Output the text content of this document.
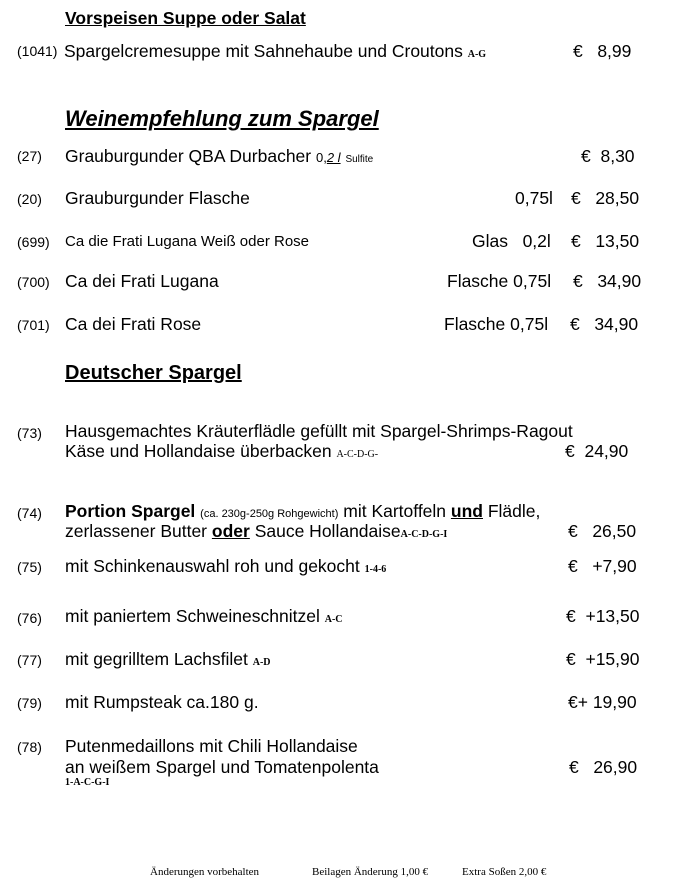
Vorspeisen Suppe oder Salat
(1041) Spargelcremesuppe mit Sahnehaube und Croutons A-G	€ 8,99
Weinempfehlung zum Spargel
(27) Grauburgunder QBA Durbacher 0,2 l Sulfite	€ 8,30
(20) Grauburgunder Flasche	0,75l € 28,50
(699) Ca die Frati Lugana Weiß oder Rose	Glas   0,2l € 13,50
(700) Ca dei Frati Lugana	Flasche 0,75l € 34,90
(701) Ca dei Frati Rose	Flasche 0,75l € 34,90
Deutscher Spargel
(73) Hausgemachtes Kräuterflädle gefüllt mit Spargel-Shrimps-Ragout
Käse und Hollandaise überbacken A-C-D-G-	€ 24,90
(74) Portion Spargel (ca. 230g-250g Rohgewicht) mit Kartoffeln und Flädle,
zerlassener Butter oder Sauce HollandaiseA-C-D-G-I	€ 26,50
(75) mit Schinkenauswahl roh und gekocht 1-4-6	€ +7,90
(76) mit paniertem Schweineschnitzel A-C	€ +13,50
(77) mit gegrilltem Lachsfilet A-D	€ +15,90
(79) mit Rumpsteak ca.180 g.	€+ 19,90
(78) Putenmedaillons mit Chili Hollandaise
an weißem Spargel und Tomatenpolenta
1-A-C-G-I
€ 26,90
Änderungen vorbehalten	Beilagen Änderung 1,00 €	Extra Soßen 2,00 €
